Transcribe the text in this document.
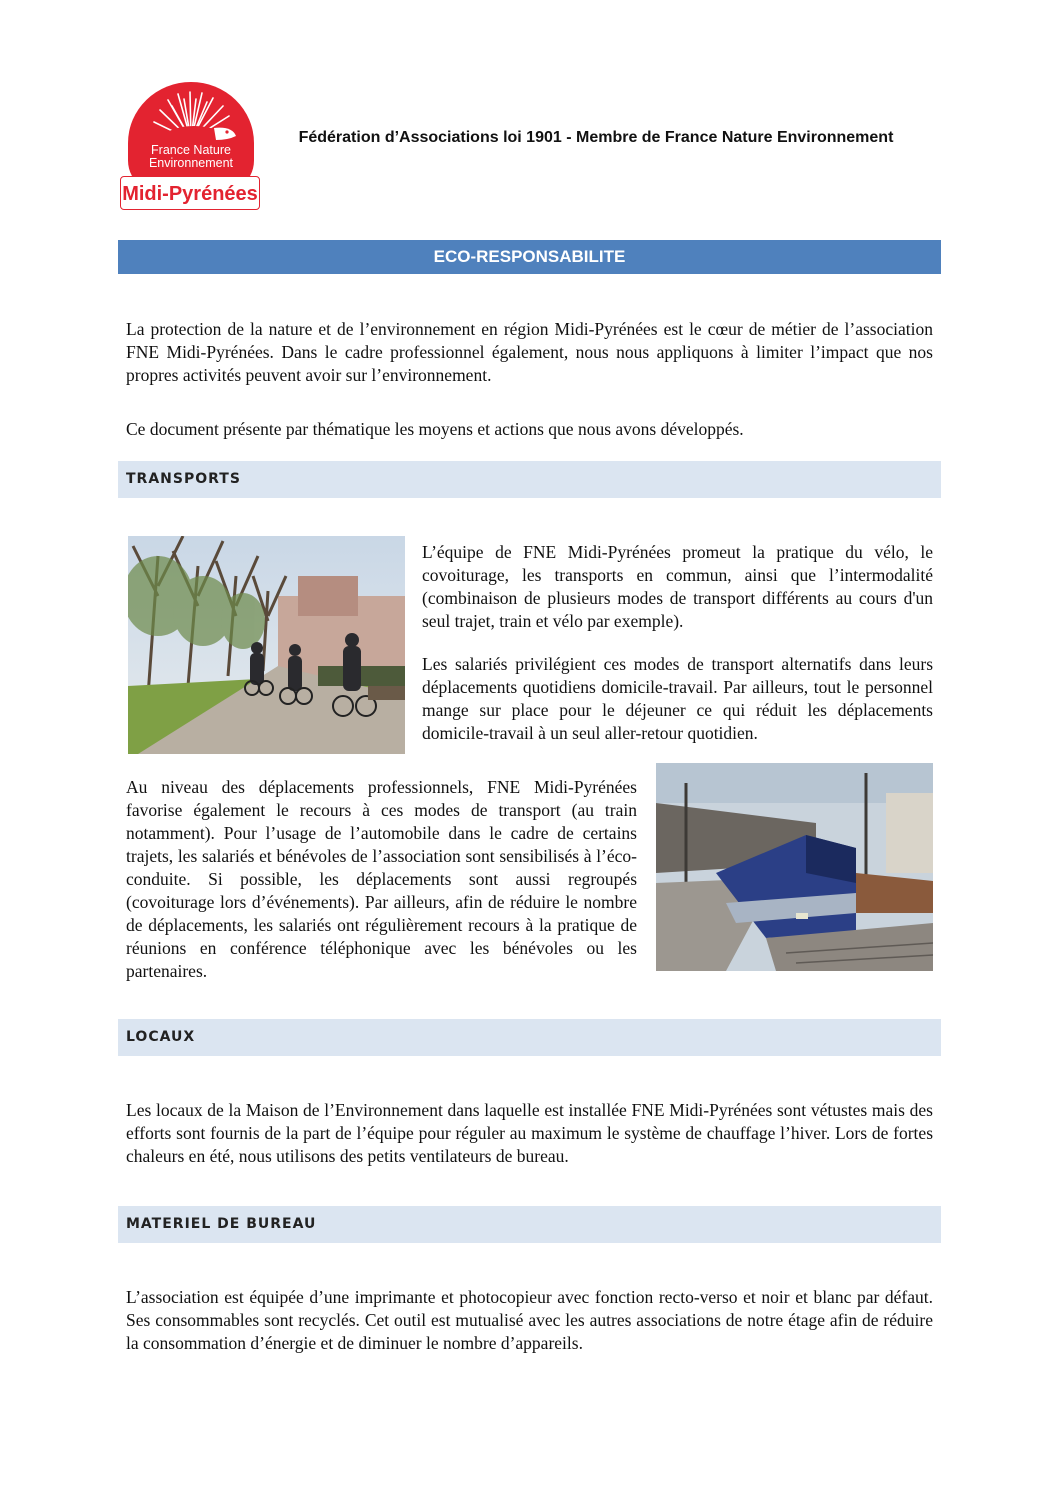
France Nature
Environnement
Midi-Pyrénées
Fédération d’Associations loi 1901 - Membre de France Nature Environnement
ECO-RESPONSABILITE

La protection de la nature et de l’environnement en région Midi-Pyrénées est le cœur de métier de l’association FNE Midi-Pyrénées. Dans le cadre professionnel également, nous nous appliquons à limiter l’impact que nos propres activités peuvent avoir sur l’environnement.

Ce document présente par thématique les moyens et actions que nous avons développés.

TRANSPORTS

L’équipe de FNE Midi-Pyrénées promeut la pratique du vélo, le covoiturage, les transports en commun, ainsi que l’intermodalité (combinaison de plusieurs modes de transport différents au cours d'un seul trajet, train et vélo par exemple).

Les salariés privilégient ces modes de transport alternatifs dans leurs déplacements quotidiens domicile-travail. Par ailleurs, tout le personnel mange sur place pour le déjeuner ce qui réduit les déplacements domicile-travail à un seul aller-retour quotidien.

Au niveau des déplacements professionnels, FNE Midi-Pyrénées favorise également le recours à ces modes de transport (au train notamment). Pour l’usage de l’automobile dans le cadre de certains trajets, les salariés et bénévoles de l’association sont sensibilisés à l’éco-conduite. Si possible, les déplacements sont aussi regroupés (covoiturage lors d’événements). Par ailleurs, afin de réduire le nombre de déplacements, les salariés ont régulièrement recours à la pratique de réunions en conférence téléphonique avec les bénévoles ou les partenaires.

LOCAUX

Les locaux de la Maison de l’Environnement dans laquelle est installée FNE Midi-Pyrénées sont vétustes mais des efforts sont fournis de la part de l’équipe pour réguler au maximum le système de chauffage l’hiver. Lors de fortes chaleurs en été, nous utilisons des petits ventilateurs de bureau.

MATERIEL DE BUREAU

L’association est équipée d’une imprimante et photocopieur avec fonction recto-verso et noir et blanc par défaut. Ses consommables sont recyclés. Cet outil est mutualisé avec les autres associations de notre étage afin de réduire la consommation d’énergie et de diminuer le nombre d’appareils.
